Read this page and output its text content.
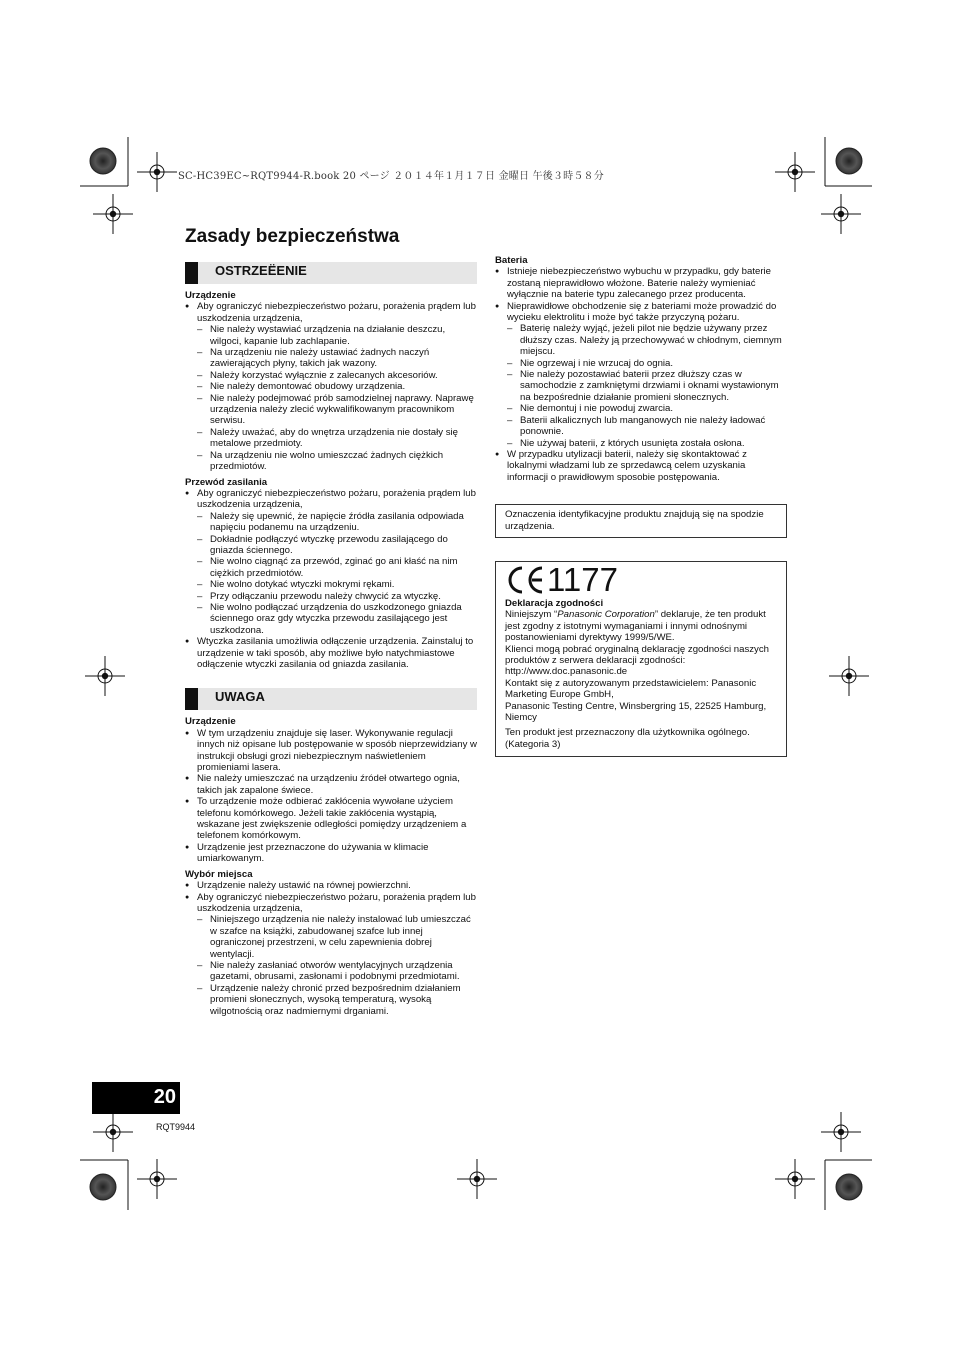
SC-HC39EC~RQT9944-R.book 20 ページ ２０１４年１月１７日 金曜日 午後３時５８分
Zasady bezpieczeństwa
OSTRZEËENIE
Urządzenie
● Aby ograniczyć niebezpieczeństwo pożaru, porażenia prądem lub uszkodzenia urządzenia,
– Nie należy wystawiać urządzenia na działanie deszczu, wilgoci, kapanie lub zachlapanie.
– Na urządzeniu nie należy ustawiać żadnych naczyń zawierających płyny, takich jak wazony.
– Należy korzystać wyłącznie z zalecanych akcesoriów.
– Nie należy demontować obudowy urządzenia.
– Nie należy podejmować prób samodzielnej naprawy. Naprawę urządzenia należy zlecić wykwalifikowanym pracownikom serwisu.
– Należy uważać, aby do wnętrza urządzenia nie dostały się metalowe przedmioty.
– Na urządzeniu nie wolno umieszczać żadnych ciężkich przedmiotów.
Przewód zasilania
● Aby ograniczyć niebezpieczeństwo pożaru, porażenia prądem lub uszkodzenia urządzenia,
– Należy się upewnić, że napięcie źródła zasilania odpowiada napięciu podanemu na urządzeniu.
– Dokładnie podłączyć wtyczkę przewodu zasilającego do gniazda ściennego.
– Nie wolno ciągnąć za przewód, zginać go ani kłaść na nim ciężkich przedmiotów.
– Nie wolno dotykać wtyczki mokrymi rękami.
– Przy odłączaniu przewodu należy chwycić za wtyczkę.
– Nie wolno podłączać urządzenia do uszkodzonego gniazda ściennego oraz gdy wtyczka przewodu zasilającego jest uszkodzona.
● Wtyczka zasilania umożliwia odłączenie urządzenia. Zainstaluj to urządzenie w taki sposób, aby możliwe było natychmiastowe odłączenie wtyczki zasilania od gniazda zasilania.
UWAGA
Urządzenie
● W tym urządzeniu znajduje się laser. Wykonywanie regulacji innych niż opisane lub postępowanie w sposób nieprzewidziany w instrukcji obsługi grozi niebezpiecznym naświetleniem promieniami lasera.
● Nie należy umieszczać na urządzeniu źródeł otwartego ognia, takich jak zapalone świece.
● To urządzenie może odbierać zakłócenia wywołane użyciem telefonu komórkowego. Jeżeli takie zakłócenia wystąpią, wskazane jest zwiększenie odległości pomiędzy urządzeniem a telefonem komórkowym.
● Urządzenie jest przeznaczone do używania w klimacie umiarkowanym.
Wybór miejsca
● Urządzenie należy ustawić na równej powierzchni.
● Aby ograniczyć niebezpieczeństwo pożaru, porażenia prądem lub uszkodzenia urządzenia,
– Niniejszego urządzenia nie należy instalować lub umieszczać w szafce na książki, zabudowanej szafce lub innej ograniczonej przestrzeni, w celu zapewnienia dobrej wentylacji.
– Nie należy zasłaniać otworów wentylacyjnych urządzenia gazetami, obrusami, zasłonami i podobnymi przedmiotami.
– Urządzenie należy chronić przed bezpośrednim działaniem promieni słonecznych, wysoką temperaturą, wysoką wilgotnością oraz nadmiernymi drganiami.
Bateria
● Istnieje niebezpieczeństwo wybuchu w przypadku, gdy baterie zostaną nieprawidłowo włożone. Baterie należy wymieniać wyłącznie na baterie typu zalecanego przez producenta.
● Nieprawidłowe obchodzenie się z bateriami może prowadzić do wycieku elektrolitu i może być także przyczyną pożaru.
– Baterię należy wyjąć, jeżeli pilot nie będzie używany przez dłuższy czas. Należy ją przechowywać w chłodnym, ciemnym miejscu.
– Nie ogrzewaj i nie wrzucaj do ognia.
– Nie należy pozostawiać baterii przez dłuższy czas w samochodzie z zamkniętymi drzwiami i oknami wystawionym na bezpośrednie działanie promieni słonecznych.
– Nie demontuj i nie powoduj zwarcia.
– Baterii alkalicznych lub manganowych nie należy ładować ponownie.
– Nie używaj baterii, z których usunięta została osłona.
● W przypadku utylizacji baterii, należy się skontaktować z lokalnymi władzami lub ze sprzedawcą celem uzyskania informacji o prawidłowym sposobie postępowania.
Oznaczenia identyfikacyjne produktu znajdują się na spodzie urządzenia.
1177
Deklaracja zgodności
Niniejszym “Panasonic Corporation” deklaruje, że ten produkt jest zgodny z istotnymi wymaganiami i innymi odnośnymi postanowieniami dyrektywy 1999/5/WE.
Klienci mogą pobrać oryginalną deklarację zgodności naszych produktów z serwera deklaracji zgodności:
http://www.doc.panasonic.de
Kontakt się z autoryzowanym przedstawicielem: Panasonic Marketing Europe GmbH,
Panasonic Testing Centre, Winsbergring 15, 22525 Hamburg, Niemcy
Ten produkt jest przeznaczony dla użytkownika ogólnego. (Kategoria 3)
20
RQT9944
